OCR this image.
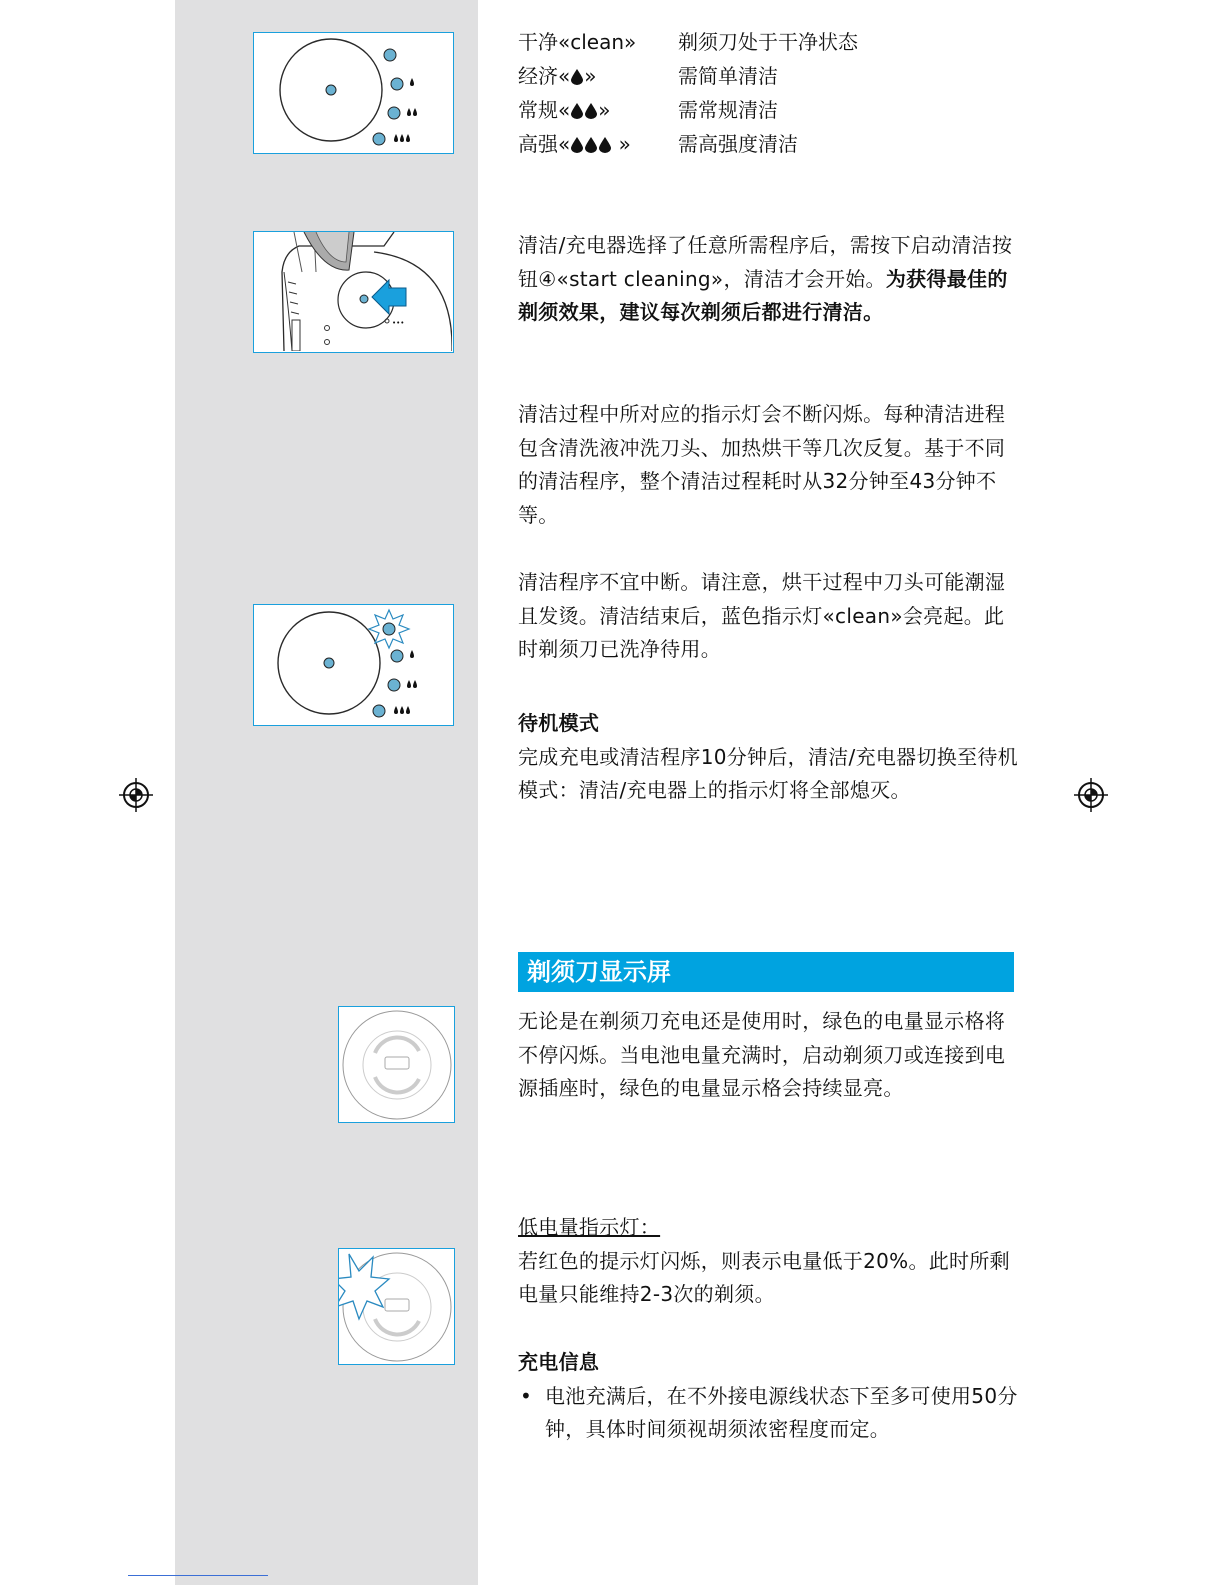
•••
干净«clean» 剃须刀处于干净状态
经济« »	需简单清洁
常规« »	需常规清洁
高强« » 需高强度清洁
清洁/充电器选择了任意所需程序后，需按下启动清洁按钮④«start cleaning»，清洁才会开始。为获得最佳的剃须效果，建议每次剃须后都进行清洁。
清洁过程中所对应的指示灯会不断闪烁。每种清洁进程包含清洗液冲洗刀头、加热烘干等几次反复。基于不同的清洁程序，整个清洁过程耗时从32分钟至43分钟不等。
清洁程序不宜中断。请注意，烘干过程中刀头可能潮湿且发烫。清洁结束后，蓝色指示灯«clean»会亮起。此时剃须刀已洗净待用。
待机模式
完成充电或清洁程序10分钟后，清洁/充电器切换至待机模式：清洁/充电器上的指示灯将全部熄灭。
剃须刀显示屏
无论是在剃须刀充电还是使用时，绿色的电量显示格将不停闪烁。当电池电量充满时，启动剃须刀或连接到电源插座时，绿色的电量显示格会持续显亮。
低电量指示灯：
若红色的提示灯闪烁，则表示电量低于20%。此时所剩电量只能维持2-3次的剃须。
充电信息
• 电池充满后，在不外接电源线状态下至多可使用50分钟，具体时间须视胡须浓密程度而定。
